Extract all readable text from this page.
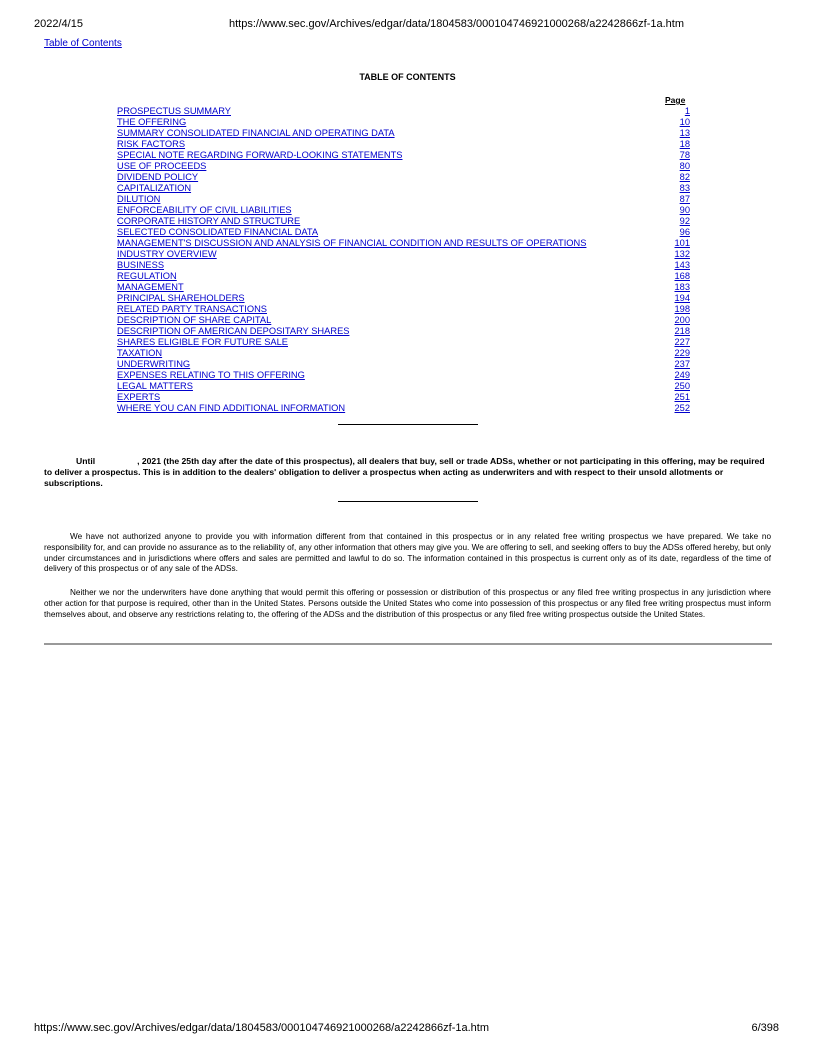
2022/4/15	https://www.sec.gov/Archives/edgar/data/1804583/000104746921000268/a2242866zf-1a.htm
Table of Contents
TABLE OF CONTENTS
Page
PROSPECTUS SUMMARY	1
THE OFFERING	10
SUMMARY CONSOLIDATED FINANCIAL AND OPERATING DATA	13
RISK FACTORS	18
SPECIAL NOTE REGARDING FORWARD-LOOKING STATEMENTS	78
USE OF PROCEEDS	80
DIVIDEND POLICY	82
CAPITALIZATION	83
DILUTION	87
ENFORCEABILITY OF CIVIL LIABILITIES	90
CORPORATE HISTORY AND STRUCTURE	92
SELECTED CONSOLIDATED FINANCIAL DATA	96
MANAGEMENT'S DISCUSSION AND ANALYSIS OF FINANCIAL CONDITION AND RESULTS OF OPERATIONS	101
INDUSTRY OVERVIEW	132
BUSINESS	143
REGULATION	168
MANAGEMENT	183
PRINCIPAL SHAREHOLDERS	194
RELATED PARTY TRANSACTIONS	198
DESCRIPTION OF SHARE CAPITAL	200
DESCRIPTION OF AMERICAN DEPOSITARY SHARES	218
SHARES ELIGIBLE FOR FUTURE SALE	227
TAXATION	229
UNDERWRITING	237
EXPENSES RELATING TO THIS OFFERING	249
LEGAL MATTERS	250
EXPERTS	251
WHERE YOU CAN FIND ADDITIONAL INFORMATION	252
Until	, 2021 (the 25th day after the date of this prospectus), all dealers that buy, sell or trade ADSs, whether or not participating in this offering, may be required to deliver a prospectus. This is in addition to the dealers' obligation to deliver a prospectus when acting as underwriters and with respect to their unsold allotments or subscriptions.
We have not authorized anyone to provide you with information different from that contained in this prospectus or in any related free writing prospectus we have prepared. We take no responsibility for, and can provide no assurance as to the reliability of, any other information that others may give you. We are offering to sell, and seeking offers to buy the ADSs offered hereby, but only under circumstances and in jurisdictions where offers and sales are permitted and lawful to do so. The information contained in this prospectus is current only as of its date, regardless of the time of delivery of this prospectus or of any sale of the ADSs.
Neither we nor the underwriters have done anything that would permit this offering or possession or distribution of this prospectus or any filed free writing prospectus in any jurisdiction where other action for that purpose is required, other than in the United States. Persons outside the United States who come into possession of this prospectus or any filed free writing prospectus must inform themselves about, and observe any restrictions relating to, the offering of the ADSs and the distribution of this prospectus or any filed free writing prospectus outside the United States.
https://www.sec.gov/Archives/edgar/data/1804583/000104746921000268/a2242866zf-1a.htm	6/398
